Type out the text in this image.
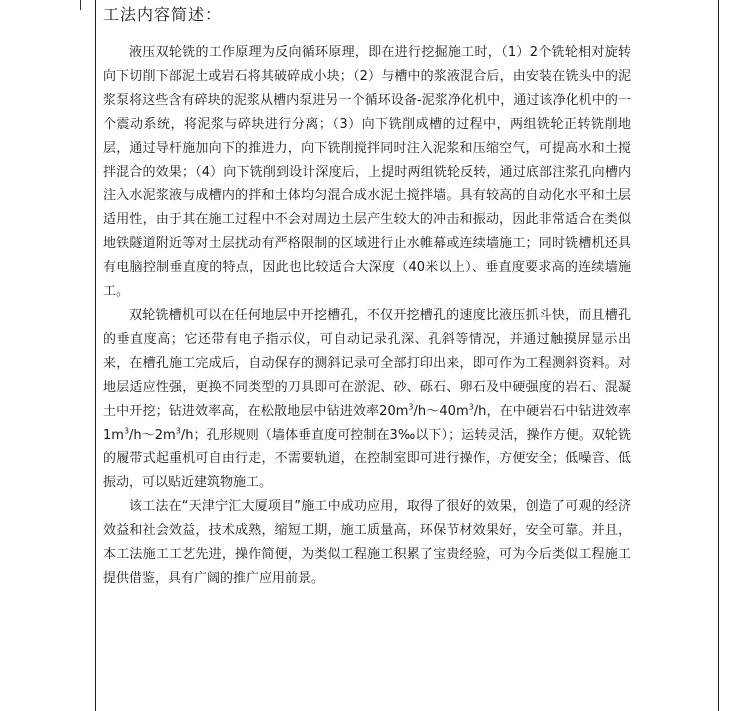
工法内容简述：

液压双轮铣的工作原理为反向循环原理，即在进行挖掘施工时，（1）2个铣轮相对旋转向下切削下部泥土或岩石将其破碎成小块；（2）与槽中的浆液混合后，由安装在铣头中的泥浆泵将这些含有碎块的泥浆从槽内泵进另一个循环设备-泥浆净化机中，通过该净化机中的一个震动系统，将泥浆与碎块进行分离；（3）向下铣削成槽的过程中，两组铣轮正转铣削地层，通过导杆施加向下的推进力，向下铣削搅拌同时注入泥浆和压缩空气，可提高水和土搅拌混合的效果；（4）向下铣削到设计深度后，上提时两组铣轮反转，通过底部注浆孔向槽内注入水泥浆液与成槽内的拌和土体均匀混合成水泥土搅拌墙。具有较高的自动化水平和土层适用性，由于其在施工过程中不会对周边土层产生较大的冲击和振动，因此非常适合在类似地铁隧道附近等对土层扰动有严格限制的区域进行止水帷幕或连续墙施工；同时铣槽机还具有电脑控制垂直度的特点，因此也比较适合大深度（40米以上）、垂直度要求高的连续墙施工。

双轮铣槽机可以在任何地层中开挖槽孔，不仅开挖槽孔的速度比液压抓斗快，而且槽孔的垂直度高；它还带有电子指示仪，可自动记录孔深、孔斜等情况，并通过触摸屏显示出来，在槽孔施工完成后，自动保存的测斜记录可全部打印出来，即可作为工程测斜资料。对地层适应性强，更换不同类型的刀具即可在淤泥、砂、砾石、卵石及中硬强度的岩石、混凝土中开挖；钻进效率高，在松散地层中钻进效率$20m^3/h\sim 40m^3/h$，在中硬岩石中钻进效率$1m^3/h\sim 2m^3/h$；孔形规则（墙体垂直度可控制在3‰以下）；运转灵活，操作方便。双轮铣的履带式起重机可自由行走，不需要轨道，在控制室即可进行操作，方便安全；低噪音、低振动，可以贴近建筑物施工。

该工法在“天津宁汇大厦项目”施工中成功应用，取得了很好的效果，创造了可观的经济效益和社会效益，技术成熟，缩短工期，施工质量高，环保节材效果好，安全可靠。并且，本工法施工工艺先进，操作简便，为类似工程施工积累了宝贵经验，可为今后类似工程施工提供借鉴，具有广阔的推广应用前景。
